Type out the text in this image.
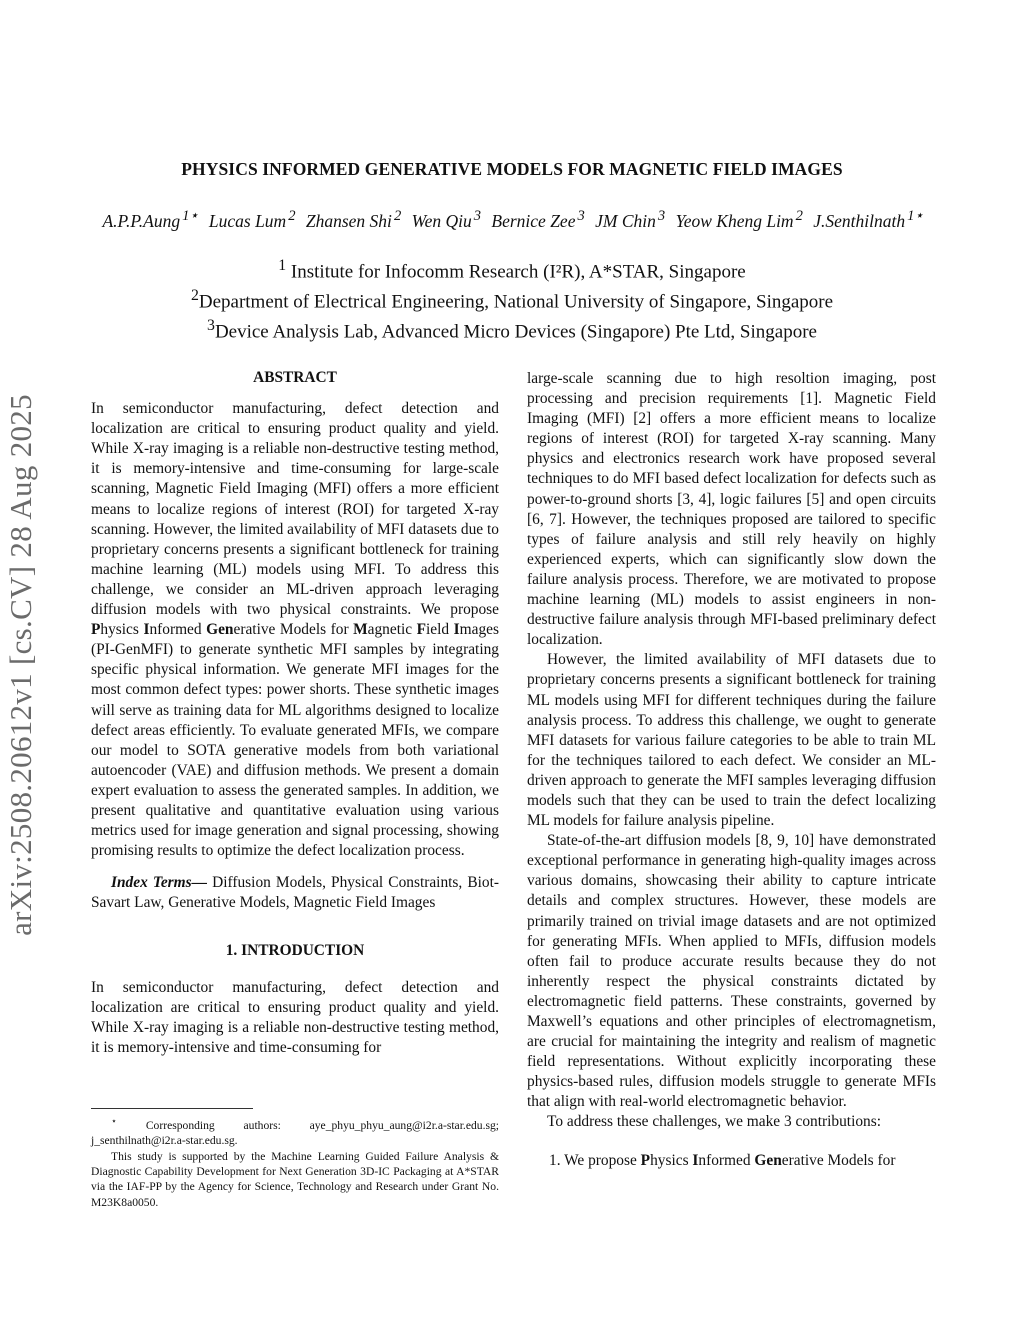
arXiv:2508.20612v1 [cs.CV] 28 Aug 2025
PHYSICS INFORMED GENERATIVE MODELS FOR MAGNETIC FIELD IMAGES
A.P.P.Aung $^{1⋆}$ Lucas Lum $^2$ Zhansen Shi $^2$ Wen Qiu $^3$ Bernice Zee $^3$ JM Chin $^3$ Yeow Kheng Lim $^2$ J.Senthilnath $^{1⋆}$
$^1$ Institute for Infocomm Research (I²R), A*STAR, Singapore
$^2$Department of Electrical Engineering, National University of Singapore, Singapore
$^3$Device Analysis Lab, Advanced Micro Devices (Singapore) Pte Ltd, Singapore
ABSTRACT

In semiconductor manufacturing, defect detection and localization are critical to ensuring product quality and yield. While X-ray imaging is a reliable non-destructive testing method, it is memory-intensive and time-consuming for large-scale scanning, Magnetic Field Imaging (MFI) offers a more efficient means to localize regions of interest (ROI) for targeted X-ray scanning. However, the limited availability of MFI datasets due to proprietary concerns presents a significant bottleneck for training machine learning (ML) models using MFI. To address this challenge, we consider an ML-driven approach leveraging diffusion models with two physical constraints. We propose Physics Informed Generative Models for Magnetic Field Images (PI-GenMFI) to generate synthetic MFI samples by integrating specific physical information. We generate MFI images for the most common defect types: power shorts. These synthetic images will serve as training data for ML algorithms designed to localize defect areas efficiently. To evaluate generated MFIs, we compare our model to SOTA generative models from both variational autoencoder (VAE) and diffusion methods. We present a domain expert evaluation to assess the generated samples. In addition, we present qualitative and quantitative evaluation using various metrics used for image generation and signal processing, showing promising results to optimize the defect localization process.

Index Terms— Diffusion Models, Physical Constraints, Biot-Savart Law, Generative Models, Magnetic Field Images

1. INTRODUCTION

In semiconductor manufacturing, defect detection and localization are critical to ensuring product quality and yield. While X-ray imaging is a reliable non-destructive testing method, it is memory-intensive and time-consuming for

⋆ Corresponding authors: aye_phyu_phyu_aung@i2r.a-star.edu.sg; j_senthilnath@i2r.a-star.edu.sg.

This study is supported by the Machine Learning Guided Failure Analysis & Diagnostic Capability Development for Next Generation 3D-IC Packaging at A*STAR via the IAF-PP by the Agency for Science, Technology and Research under Grant No. M23K8a0050.

large-scale scanning due to high resoltion imaging, post processing and precision requirements [1]. Magnetic Field Imaging (MFI) [2] offers a more efficient means to localize regions of interest (ROI) for targeted X-ray scanning. Many physics and electronics research work have proposed several techniques to do MFI based defect localization for defects such as power-to-ground shorts [3, 4], logic failures [5] and open circuits [6, 7]. However, the techniques proposed are tailored to specific types of failure analysis and still rely heavily on highly experienced experts, which can significantly slow down the failure analysis process. Therefore, we are motivated to propose machine learning (ML) models to assist engineers in non-destructive failure analysis through MFI-based preliminary defect localization.

However, the limited availability of MFI datasets due to proprietary concerns presents a significant bottleneck for training ML models using MFI for different techniques during the failure analysis process. To address this challenge, we ought to generate MFI datasets for various failure categories to be able to train ML for the techniques tailored to each defect. We consider an ML-driven approach to generate the MFI samples leveraging diffusion models such that they can be used to train the defect localizing ML models for failure analysis pipeline.

State-of-the-art diffusion models [8, 9, 10] have demonstrated exceptional performance in generating high-quality images across various domains, showcasing their ability to capture intricate details and complex structures. However, these models are primarily trained on trivial image datasets and are not optimized for generating MFIs. When applied to MFIs, diffusion models often fail to produce accurate results because they do not inherently respect the physical constraints dictated by electromagnetic field patterns. These constraints, governed by Maxwell’s equations and other principles of electromagnetism, are crucial for maintaining the integrity and realism of magnetic field representations. Without explicitly incorporating these physics-based rules, diffusion models struggle to generate MFIs that align with real-world electromagnetic behavior.

To address these challenges, we make 3 contributions:

1. We propose Physics Informed Generative Models for
